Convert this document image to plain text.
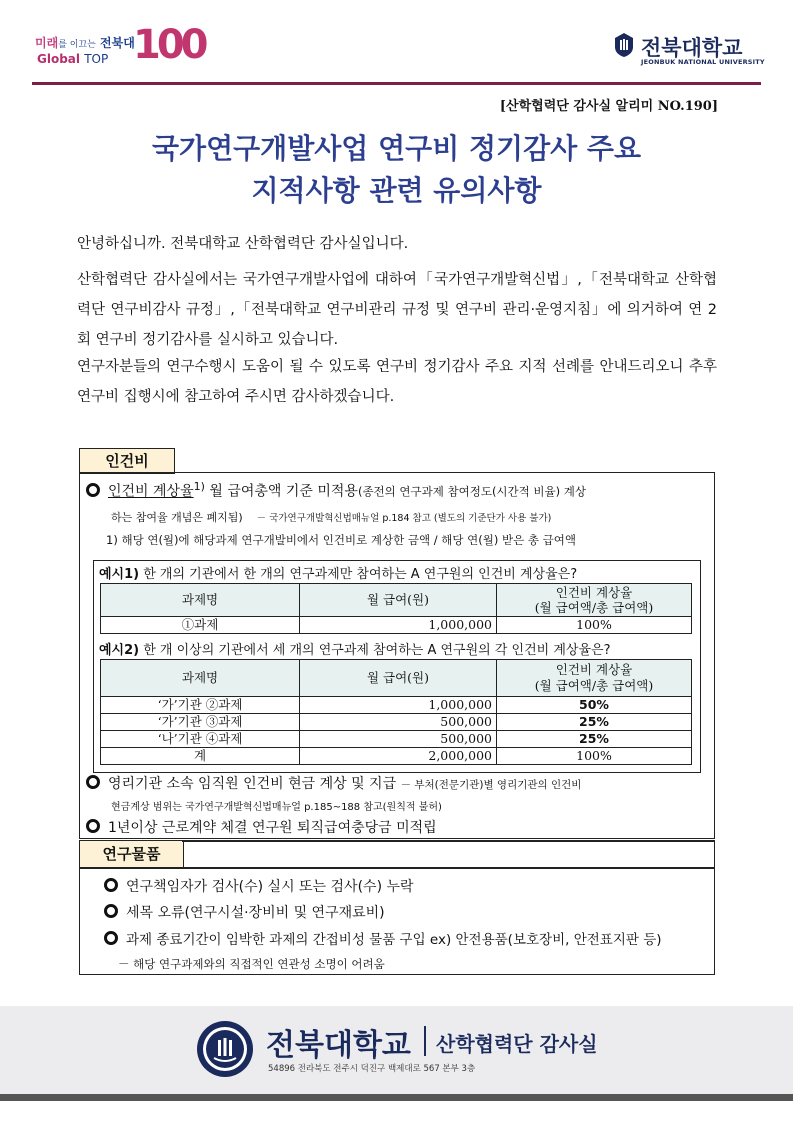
미래를 이끄는 전북대
Global TOP 100	전북대학교
JEONBUK NATIONAL UNIVERSITY
[산학협력단 감사실 알리미 NO.190]
국가연구개발사업 연구비 정기감사 주요
지적사항 관련 유의사항

안녕하십니까. 전북대학교 산학협력단 감사실입니다.

산학협력단 감사실에서는 국가연구개발사업에 대하여「국가연구개발혁신법」,「전북대학교 산학협력단 연구비감사 규정」,「전북대학교 연구비관리 규정 및 연구비 관리·운영지침」에 의거하여 연 2회 연구비 정기감사를 실시하고 있습니다.

연구자분들의 연구수행시 도움이 될 수 있도록 연구비 정기감사 주요 지적 선례를 안내드리오니 추후 연구비 집행시에 참고하여 주시면 감사하겠습니다.

인건비
인건비 계상율$^{1)}$ 월 급여총액 기준 미적용(종전의 연구과제 참여정도(시간적 비율) 계상
하는 참여율 개념은 폐지됨) － 국가연구개발혁신법매뉴얼 p.184 참고 (별도의 기준단가 사용 불가)
1) 해당 연(월)에 해당과제 연구개발비에서 인건비로 계상한 금액 / 해당 연(월) 받은 총 급여액
예시1) 한 개의 기관에서 한 개의 연구과제만 참여하는 A 연구원의 인건비 계상율은?
과제명	월 급여(원)	인건비 계상율
(월 급여액/총 급여액)
①과제	1,000,000	100%
예시2) 한 개 이상의 기관에서 세 개의 연구과제 참여하는 A 연구원의 각 인건비 계상율은?
과제명	월 급여(원)	인건비 계상율
(월 급여액/총 급여액)
‘가’기관 ②과제	1,000,000	50%
‘가’기관 ③과제	500,000	25%
‘나’기관 ④과제	500,000	25%
계	2,000,000	100%
영리기관 소속 임직원 인건비 현금 계상 및 지급 － 부처(전문기관)별 영리기관의 인건비
현금계상 범위는 국가연구개발혁신법매뉴얼 p.185~188 참고(원칙적 불허)
1년이상 근로계약 체결 연구원 퇴직급여충당금 미적립
연구물품
연구책임자가 검사(수) 실시 또는 검사(수) 누락
세목 오류(연구시설·장비비 및 연구재료비)
과제 종료기간이 임박한 과제의 간접비성 물품 구입 ex) 안전용품(보호장비, 안전표지판 등)
－ 해당 연구과제와의 직접적인 연관성 소명이 어려움
전북대학교 산학협력단 감사실
54896 전라북도 전주시 덕진구 백제대로 567 본부 3층
